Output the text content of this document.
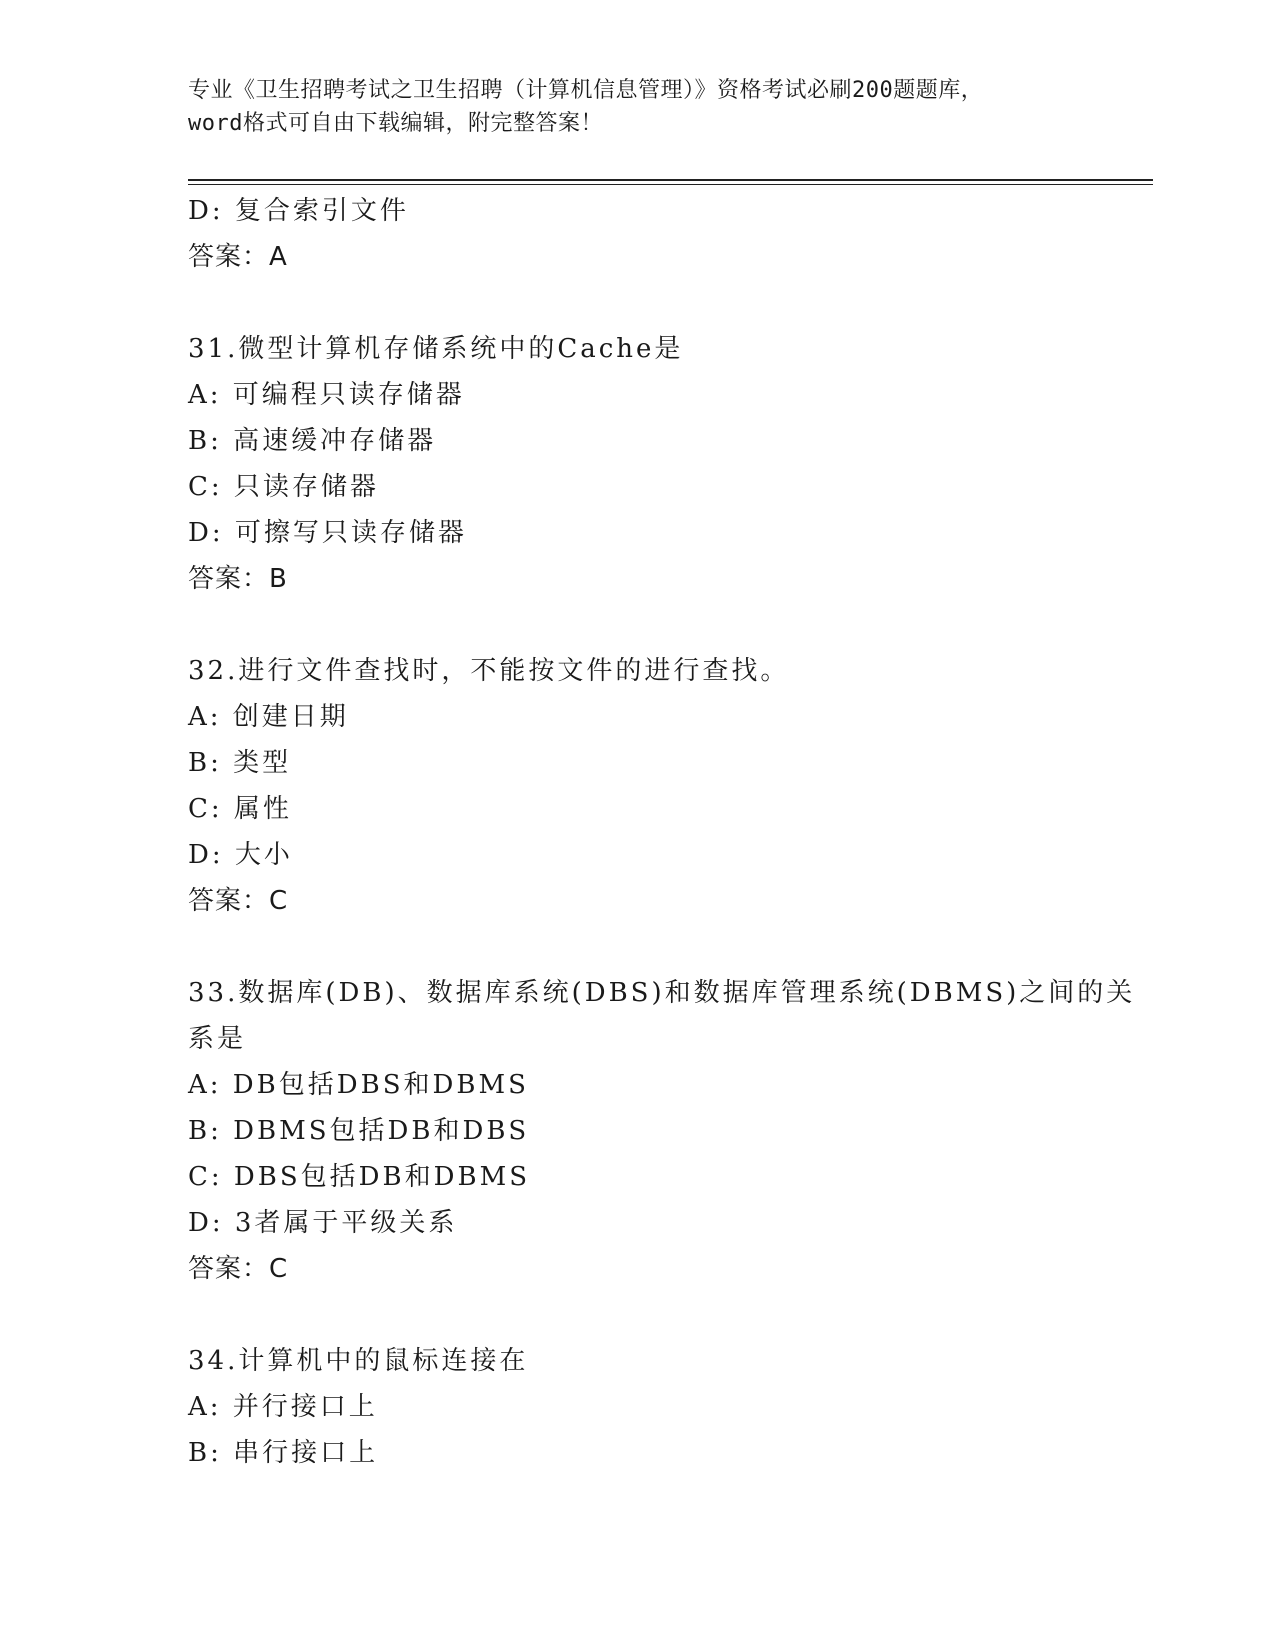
专业《卫生招聘考试之卫生招聘（计算机信息管理）》资格考试必刷200题题库，
word格式可自由下载编辑，附完整答案！
D: 复合索引文件
答案：A
31.微型计算机存储系统中的Cache是
A: 可编程只读存储器
B: 高速缓冲存储器
C: 只读存储器
D: 可擦写只读存储器
答案：B
32.进行文件查找时，不能按文件的进行查找。
A: 创建日期
B: 类型
C: 属性
D: 大小
答案：C
33.数据库(DB)、数据库系统(DBS)和数据库管理系统(DBMS)之间的关
系是
A: DB包括DBS和DBMS
B: DBMS包括DB和DBS
C: DBS包括DB和DBMS
D: 3者属于平级关系
答案：C
34.计算机中的鼠标连接在
A: 并行接口上
B: 串行接口上
